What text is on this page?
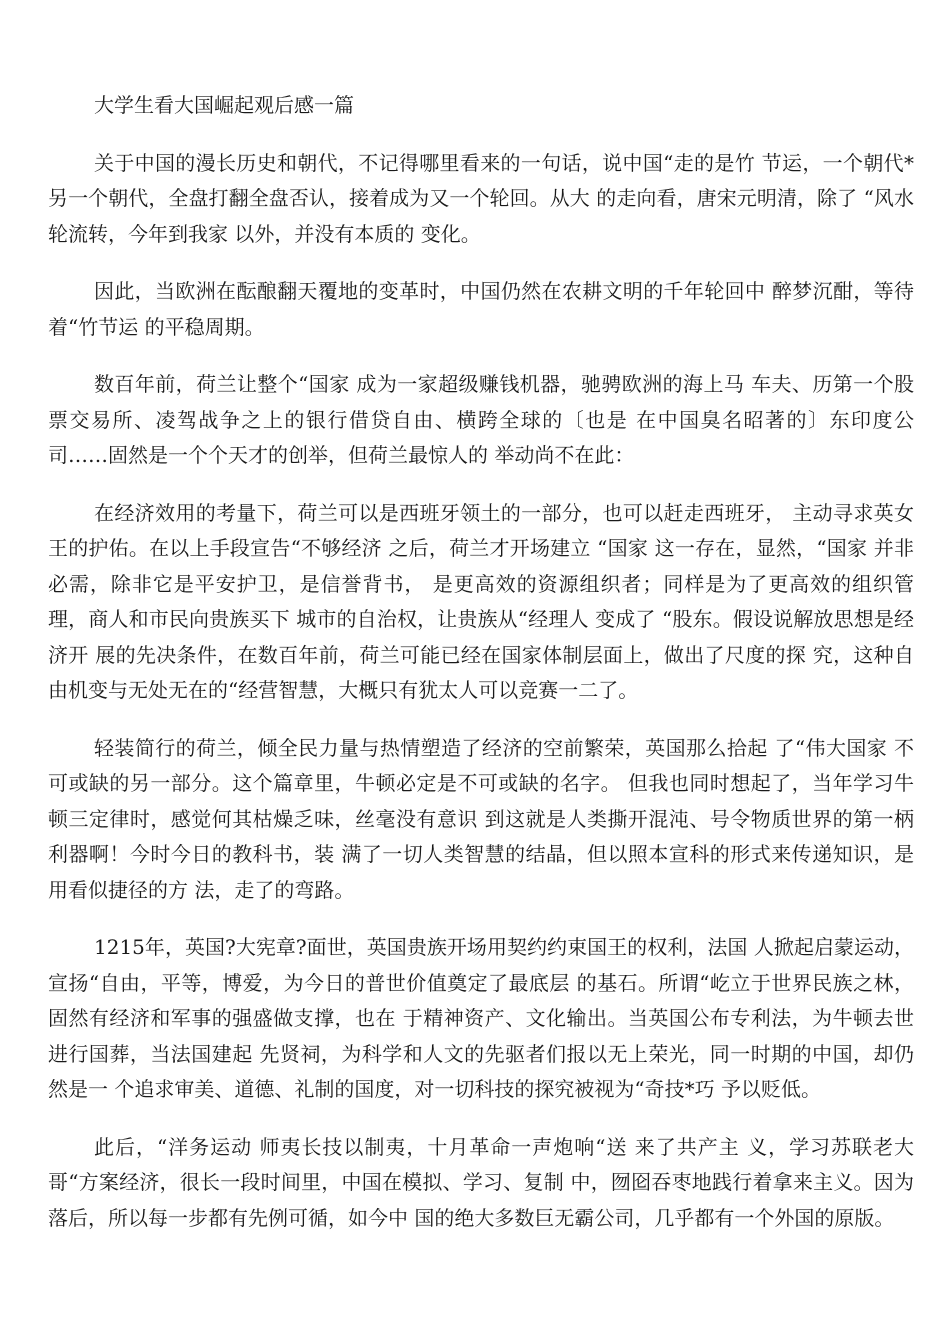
大学生看大国崛起观后感一篇

关于中国的漫长历史和朝代，不记得哪里看来的一句话，说中国“走的是竹 节运，一个朝代*另一个朝代，全盘打翻全盘否认，接着成为又一个轮回。从大 的走向看，唐宋元明清，除了 “风水轮流转，今年到我家 以外，并没有本质的 变化。

因此，当欧洲在酝酿翻天覆地的变革时，中国仍然在农耕文明的千年轮回中 醉梦沉酣，等待着“竹节运 的平稳周期。

数百年前，荷兰让整个“国家 成为一家超级赚钱机器，驰骋欧洲的海上马 车夫、历第一个股票交易所、凌驾战争之上的银行借贷自由、横跨全球的〔也是 在中国臭名昭著的〕东印度公司……固然是一个个天才的创举，但荷兰最惊人的 举动尚不在此：

在经济效用的考量下，荷兰可以是西班牙领土的一部分，也可以赶走西班牙， 主动寻求英女王的护佑。在以上手段宣告“不够经济 之后，荷兰才开场建立 “国家 这一存在，显然，“国家 并非必需，除非它是平安护卫，是信誉背书， 是更高效的资源组织者；同样是为了更高效的组织管理，商人和市民向贵族买下 城市的自治权，让贵族从“经理人 变成了 “股东。假设说解放思想是经济开 展的先决条件，在数百年前，荷兰可能已经在国家体制层面上，做出了尺度的探 究，这种自由机变与无处无在的“经营智慧，大概只有犹太人可以竞赛一二了。

轻装简行的荷兰，倾全民力量与热情塑造了经济的空前繁荣，英国那么拾起 了“伟大国家 不可或缺的另一部分。这个篇章里，牛顿必定是不可或缺的名字。 但我也同时想起了，当年学习牛顿三定律时，感觉何其枯燥乏味，丝毫没有意识 到这就是人类撕开混沌、号令物质世界的第一柄利器啊！今时今日的教科书，装 满了一切人类智慧的结晶，但以照本宣科的形式来传递知识，是用看似捷径的方 法，走了的弯路。

1215年，英国?大宪章?面世，英国贵族开场用契约约束国王的权利，法国 人掀起启蒙运动，宣扬“自由，平等，博爱，为今日的普世价值奠定了最底层 的基石。所谓“屹立于世界民族之林，固然有经济和军事的强盛做支撑，也在 于精神资产、文化输出。当英国公布专利法，为牛顿去世进行国葬，当法国建起 先贤祠，为科学和人文的先驱者们报以无上荣光，同一时期的中国，却仍然是一 个追求审美、道德、礼制的国度，对一切科技的探究被视为“奇技*巧 予以贬低。

此后，“洋务运动 师夷长技以制夷，十月革命一声炮响“送 来了共产主 义，学习苏联老大哥“方案经济，很长一段时间里，中国在模拟、学习、复制 中，囫囵吞枣地践行着拿来主义。因为落后，所以每一步都有先例可循，如今中 国的绝大多数巨无霸公司，几乎都有一个外国的原版。
